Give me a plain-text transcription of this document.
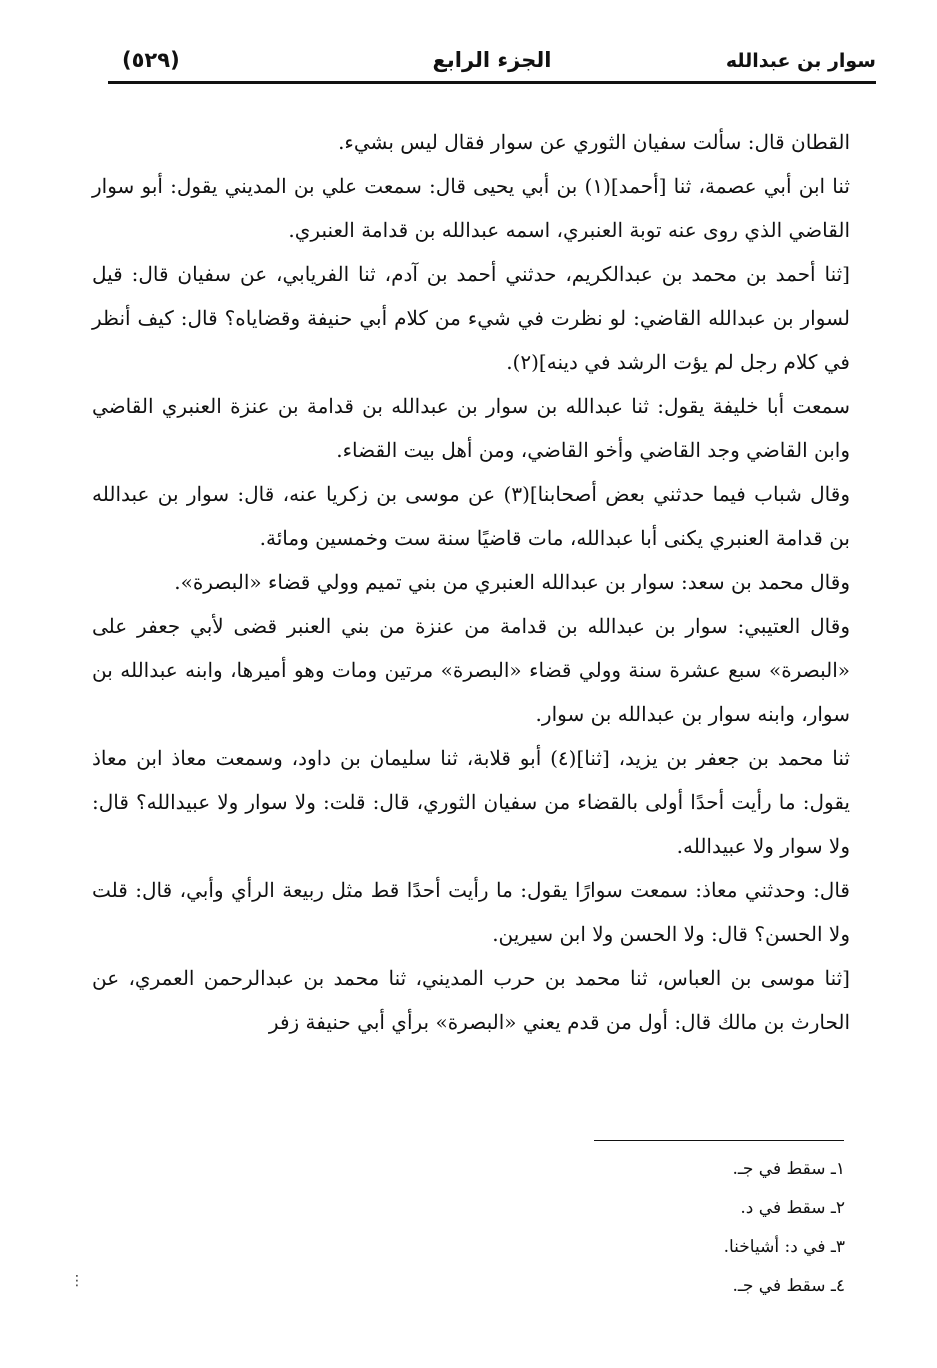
سوار بن عبدالله
الجزء الرابع
(٥٢٩)

القطان قال: سألت سفيان الثوري عن سوار فقال ليس بشيء.

ثنا ابن أبي عصمة، ثنا [أحمد](١) بن أبي يحيى قال: سمعت علي بن المديني يقول: أبو سوار القاضي الذي روى عنه توبة العنبري، اسمه عبدالله بن قدامة العنبري.

[ثنا أحمد بن محمد بن عبدالكريم، حدثني أحمد بن آدم، ثنا الفريابي، عن سفيان قال: قيل لسوار بن عبدالله القاضي: لو نظرت في شيء من كلام أبي حنيفة وقضاياه؟ قال: كيف أنظر في كلام رجل لم يؤت الرشد في دينه](٢).

سمعت أبا خليفة يقول: ثنا عبدالله بن سوار بن عبدالله بن قدامة بن عنزة العنبري القاضي وابن القاضي وجد القاضي وأخو القاضي، ومن أهل بيت القضاء.

وقال شباب فيما حدثني بعض أصحابنا](٣) عن موسى بن زكريا عنه، قال: سوار بن عبدالله بن قدامة العنبري يكنى أبا عبدالله، مات قاضيًا سنة ست وخمسين ومائة.

وقال محمد بن سعد: سوار بن عبدالله العنبري من بني تميم وولي قضاء «البصرة».

وقال العتيبي: سوار بن عبدالله بن قدامة من عنزة من بني العنبر قضى لأبي جعفر على «البصرة» سبع عشرة سنة وولي قضاء «البصرة» مرتين ومات وهو أميرها، وابنه عبدالله بن سوار، وابنه سوار بن عبدالله بن سوار.

ثنا محمد بن جعفر بن يزيد، [ثنا](٤) أبو قلابة، ثنا سليمان بن داود، وسمعت معاذ ابن معاذ يقول: ما رأيت أحدًا أولى بالقضاء من سفيان الثوري، قال: قلت: ولا سوار ولا عبيدالله؟ قال: ولا سوار ولا عبيدالله.

قال: وحدثني معاذ: سمعت سوارًا يقول: ما رأيت أحدًا قط مثل ربيعة الرأي وأبي، قال: قلت ولا الحسن؟ قال: ولا الحسن ولا ابن سيرين.

[ثنا موسى بن العباس، ثنا محمد بن حرب المديني، ثنا محمد بن عبدالرحمن العمري، عن الحارث بن مالك قال: أول من قدم يعني «البصرة» برأي أبي حنيفة زفر

١ـ سقط في جـ.

٢ـ سقط في د.

٣ـ في د: أشياخنا.

٤ـ سقط في جـ.

⋮
